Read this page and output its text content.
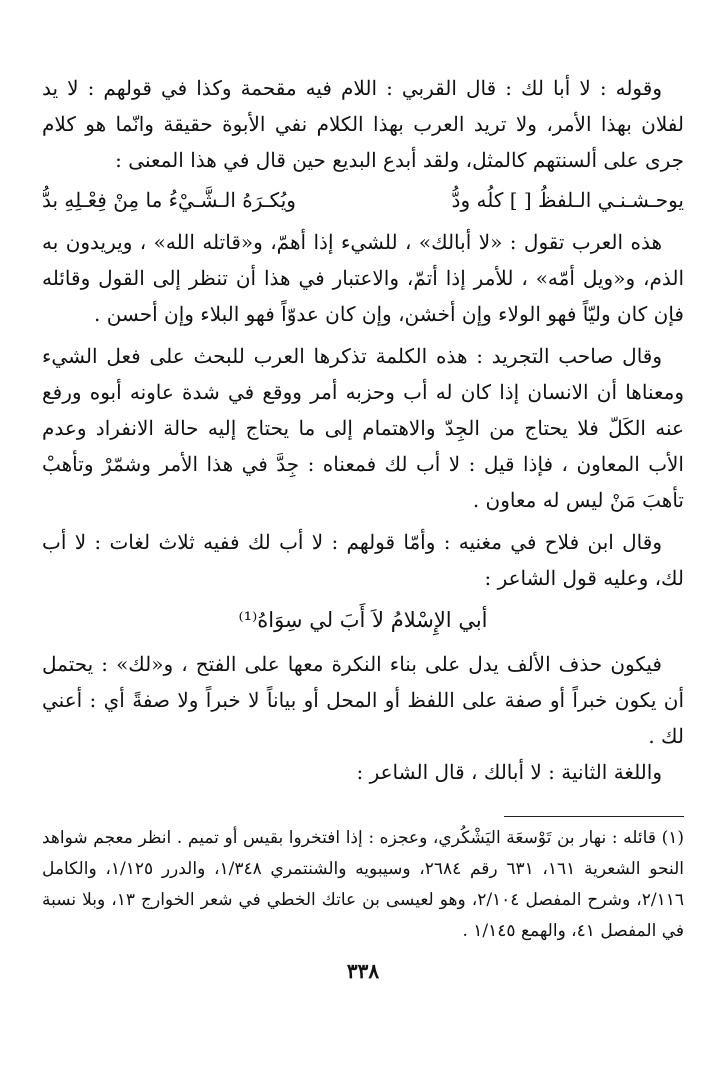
وقوله : لا أبا لك : قال القربي : اللام فيه مقحمة وكذا في قولهم : لا يد لفلان بهذا الأمر، ولا تريد العرب بهذا الكلام نفي الأبوة حقيقة وانّما هو كلام جرى على ألسنتهم كالمثل، ولقد أبدع البديع حين قال في هذا المعنى :

يوحـشـنـي الـلفظُ [ ] كلُه ودُّ
ويُكـرَهُ الـشَّـيْءُ ما مِنْ فِعْـلِهِ بدُّ

هذه العرب تقول : «لا أبالك» ، للشيء إذا أهمّ، و«قاتله الله» ، ويريدون به الذم، و«ويل أمّه» ، للأمر إذا أتمّ، والاعتبار في هذا أن تنظر إلى القول وقائله فإن كان وليّاً فهو الولاء وإن أخشن، وإن كان عدوّاً فهو البلاء وإن أحسن .

وقال صاحب التجريد : هذه الكلمة تذكرها العرب للبحث على فعل الشيء ومعناها أن الانسان إذا كان له أب وحزبه أمر ووقع في شدة عاونه أبوه ورفع عنه الكَلّ فلا يحتاج من الجِدّ والاهتمام إلى ما يحتاج إليه حالة الانفراد وعدم الأب المعاون ، فإذا قيل : لا أب لك فمعناه : جِدَّ في هذا الأمر وشمّرْ وتأهبْ تأهبَ مَنْ ليس له معاون .

وقال ابن فلاح في مغنيه : وأمّا قولهم : لا أب لك ففيه ثلاث لغات : لا أب لك، وعليه قول الشاعر :

أبي الإِسْلامُ لاَ أَبَ لي سِوَاهُ⁽¹⁾

فيكون حذف الألف يدل على بناء النكرة معها على الفتح ، و«لك» : يحتمل أن يكون خبراً أو صفة على اللفظ أو المحل أو بياناً لا خبراً ولا صفةً أي : أعني لك .

واللغة الثانية : لا أبالك ، قال الشاعر :

(١) قائله : نهار بن تَوْسعَة اليَشْكُري، وعجزه : إذا افتخروا بقيس أو تميم . انظر معجم شواهد النحو الشعرية ١٦١، ٦٣١ رقم ٢٦٨٤، وسيبويه والشنتمري ١/٣٤٨، والدرر ١/١٢٥، والكامل ٢/١١٦، وشرح المفصل ٢/١٠٤، وهو لعيسى بن عاتك الخطي في شعر الخوارج ١٣، وبلا نسبة في المفصل ٤١، والهمع ١/١٤٥ .

٣٣٨
